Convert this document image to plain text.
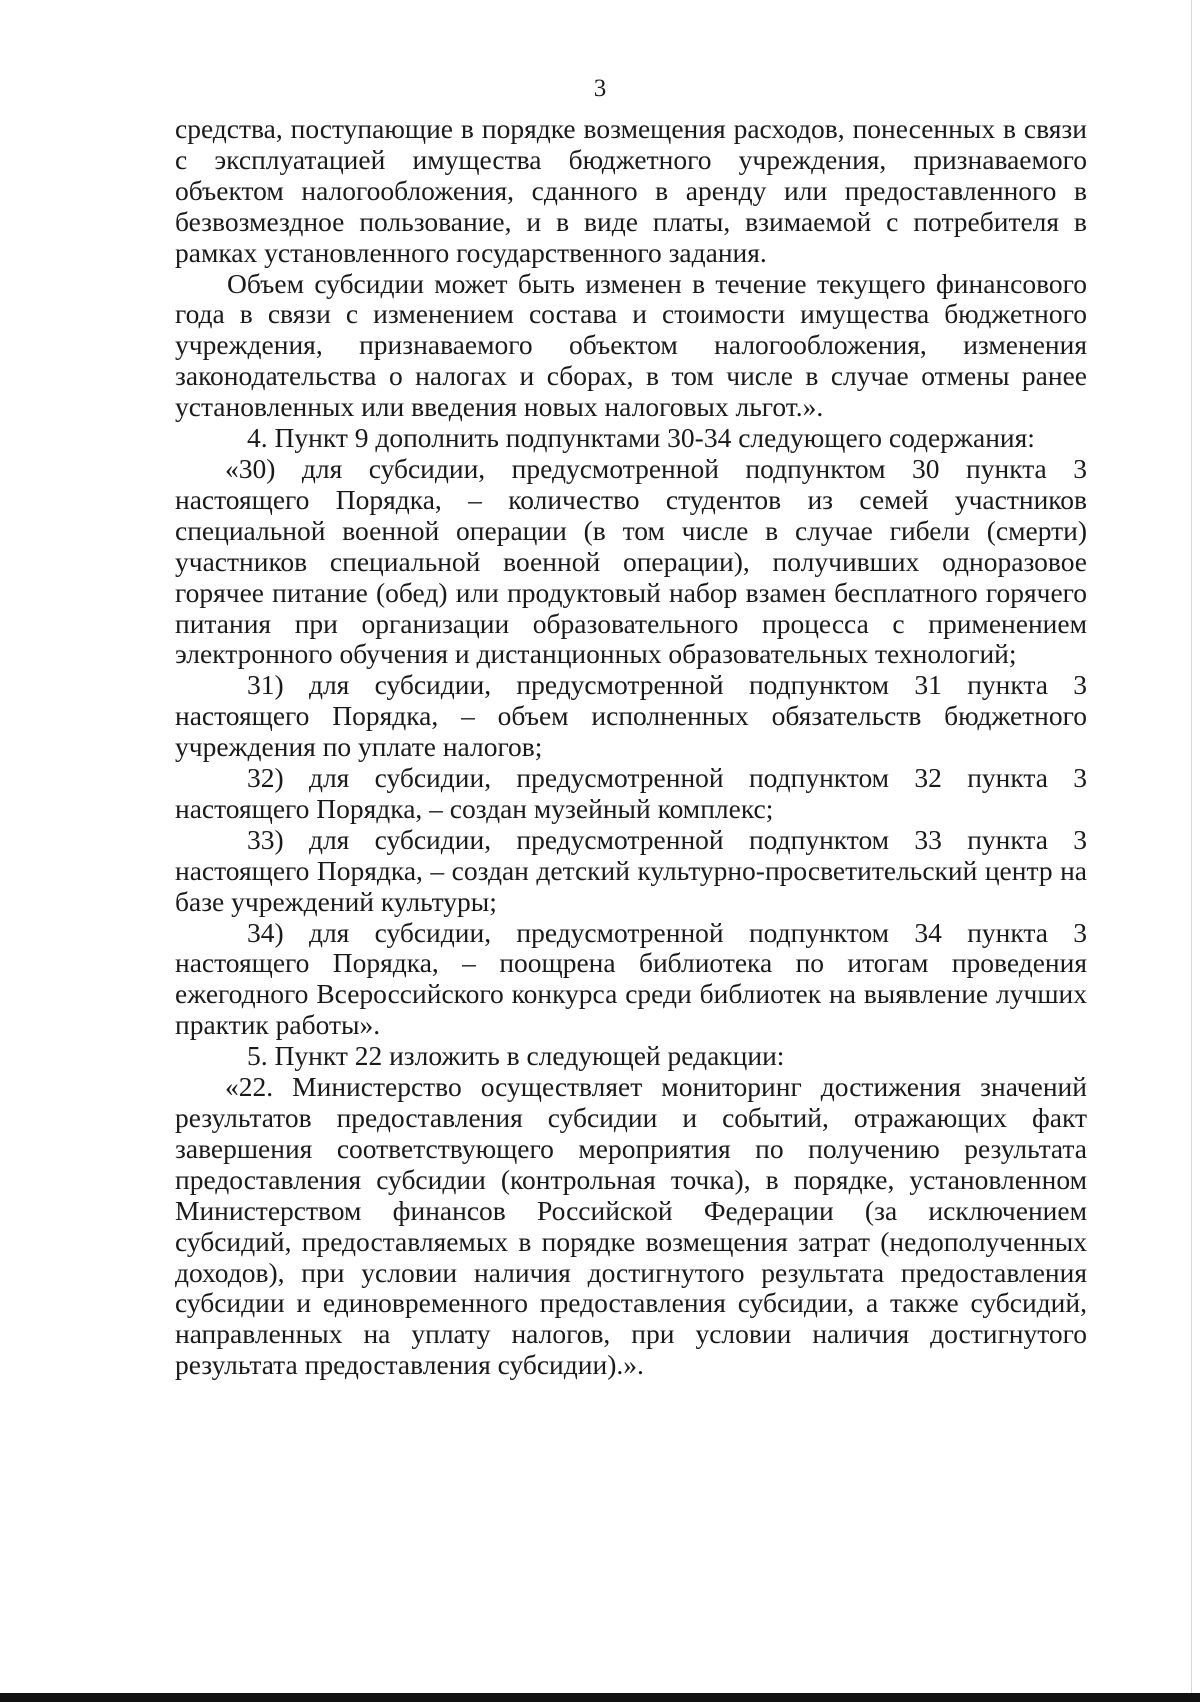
3

средства, поступающие в порядке возмещения расходов, понесенных в связи с эксплуатацией имущества бюджетного учреждения, признаваемого объектом налогообложения, сданного в аренду или предоставленного в безвозмездное пользование, и в виде платы, взимаемой с потребителя в рамках установленного государственного задания.

Объем субсидии может быть изменен в течение текущего финансового года в связи с изменением состава и стоимости имущества бюджетного учреждения, признаваемого объектом налогообложения, изменения законодательства о налогах и сборах, в том числе в случае отмены ранее установленных или введения новых налоговых льгот.».

4. Пункт 9 дополнить подпунктами 30-34 следующего содержания:

«30) для субсидии, предусмотренной подпунктом 30 пункта 3 настоящего Порядка, – количество студентов из семей участников специальной военной операции (в том числе в случае гибели (смерти) участников специальной военной операции), получивших одноразовое горячее питание (обед) или продуктовый набор взамен бесплатного горячего питания при организации образовательного процесса с применением электронного обучения и дистанционных образовательных технологий;

31) для субсидии, предусмотренной подпунктом 31 пункта 3 настоящего Порядка, – объем исполненных обязательств бюджетного учреждения по уплате налогов;

32) для субсидии, предусмотренной подпунктом 32 пункта 3 настоящего Порядка, – создан музейный комплекс;

33) для субсидии, предусмотренной подпунктом 33 пункта 3 настоящего Порядка, – создан детский культурно-просветительский центр на базе учреждений культуры;

34) для субсидии, предусмотренной подпунктом 34 пункта 3 настоящего Порядка, – поощрена библиотека по итогам проведения ежегодного Всероссийского конкурса среди библиотек на выявление лучших практик работы».

5. Пункт 22 изложить в следующей редакции:

«22. Министерство осуществляет мониторинг достижения значений результатов предоставления субсидии и событий, отражающих факт завершения соответствующего мероприятия по получению результата предоставления субсидии (контрольная точка), в порядке, установленном Министерством финансов Российской Федерации (за исключением субсидий, предоставляемых в порядке возмещения затрат (недополученных доходов), при условии наличия достигнутого результата предоставления субсидии и единовременного предоставления субсидии, а также субсидий, направленных на уплату налогов, при условии наличия достигнутого результата предоставления субсидии).».
